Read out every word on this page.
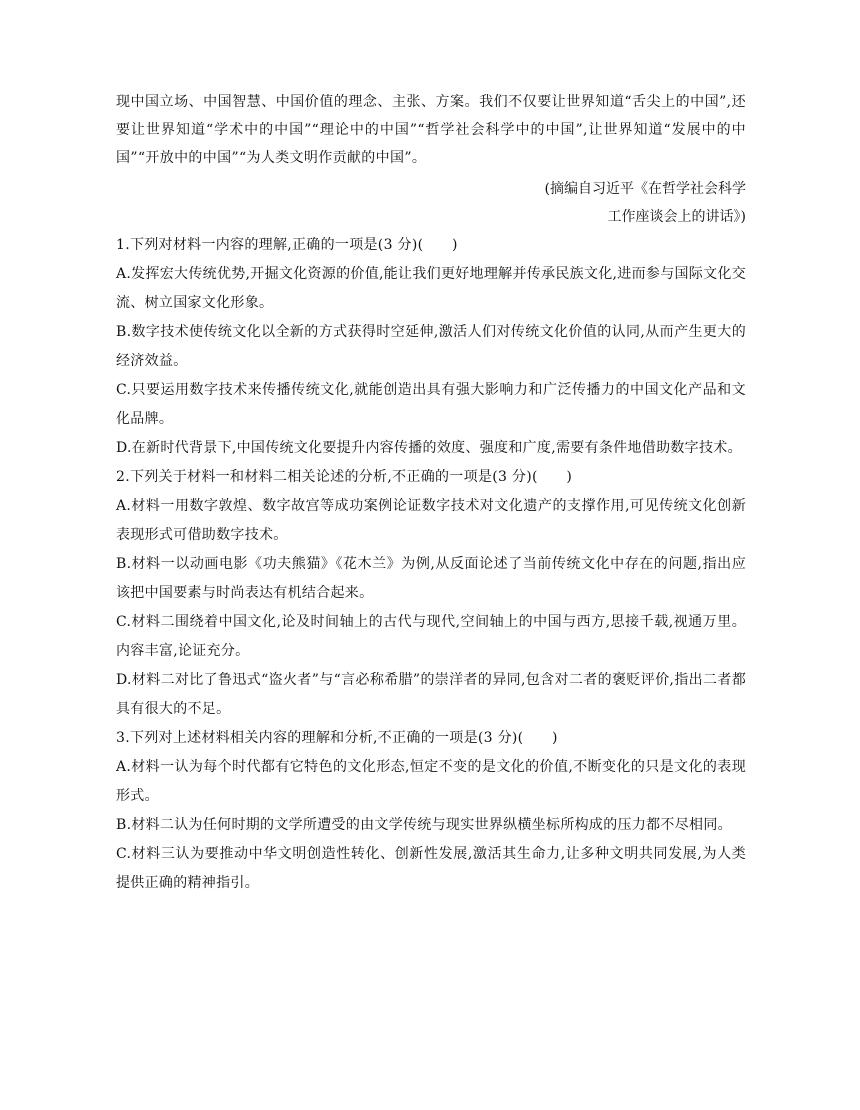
现中国立场、中国智慧、中国价值的理念、主张、方案。我们不仅要让世界知道“舌尖上的中国”,还要让世界知道“学术中的中国”“理论中的中国”“哲学社会科学中的中国”,让世界知道“发展中的中国”“开放中的中国”“为人类文明作贡献的中国”。

(摘编自习近平《在哲学社会科学
工作座谈会上的讲话》)

1.下列对材料一内容的理解,正确的一项是(3 分)(　　)

A.发挥宏大传统优势,开掘文化资源的价值,能让我们更好地理解并传承民族文化,进而参与国际文化交流、树立国家文化形象。

B.数字技术使传统文化以全新的方式获得时空延伸,激活人们对传统文化价值的认同,从而产生更大的经济效益。

C.只要运用数字技术来传播传统文化,就能创造出具有强大影响力和广泛传播力的中国文化产品和文化品牌。

D.在新时代背景下,中国传统文化要提升内容传播的效度、强度和广度,需要有条件地借助数字技术。

2.下列关于材料一和材料二相关论述的分析,不正确的一项是(3 分)(　　)

A.材料一用数字敦煌、数字故宫等成功案例论证数字技术对文化遗产的支撑作用,可见传统文化创新表现形式可借助数字技术。

B.材料一以动画电影《功夫熊猫》《花木兰》为例,从反面论述了当前传统文化中存在的问题,指出应该把中国要素与时尚表达有机结合起来。

C.材料二围绕着中国文化,论及时间轴上的古代与现代,空间轴上的中国与西方,思接千载,视通万里。内容丰富,论证充分。

D.材料二对比了鲁迅式“盗火者”与“言必称希腊”的崇洋者的异同,包含对二者的褒贬评价,指出二者都具有很大的不足。

3.下列对上述材料相关内容的理解和分析,不正确的一项是(3 分)(　　)

A.材料一认为每个时代都有它特色的文化形态,恒定不变的是文化的价值,不断变化的只是文化的表现形式。

B.材料二认为任何时期的文学所遭受的由文学传统与现实世界纵横坐标所构成的压力都不尽相同。

C.材料三认为要推动中华文明创造性转化、创新性发展,激活其生命力,让多种文明共同发展,为人类提供正确的精神指引。
